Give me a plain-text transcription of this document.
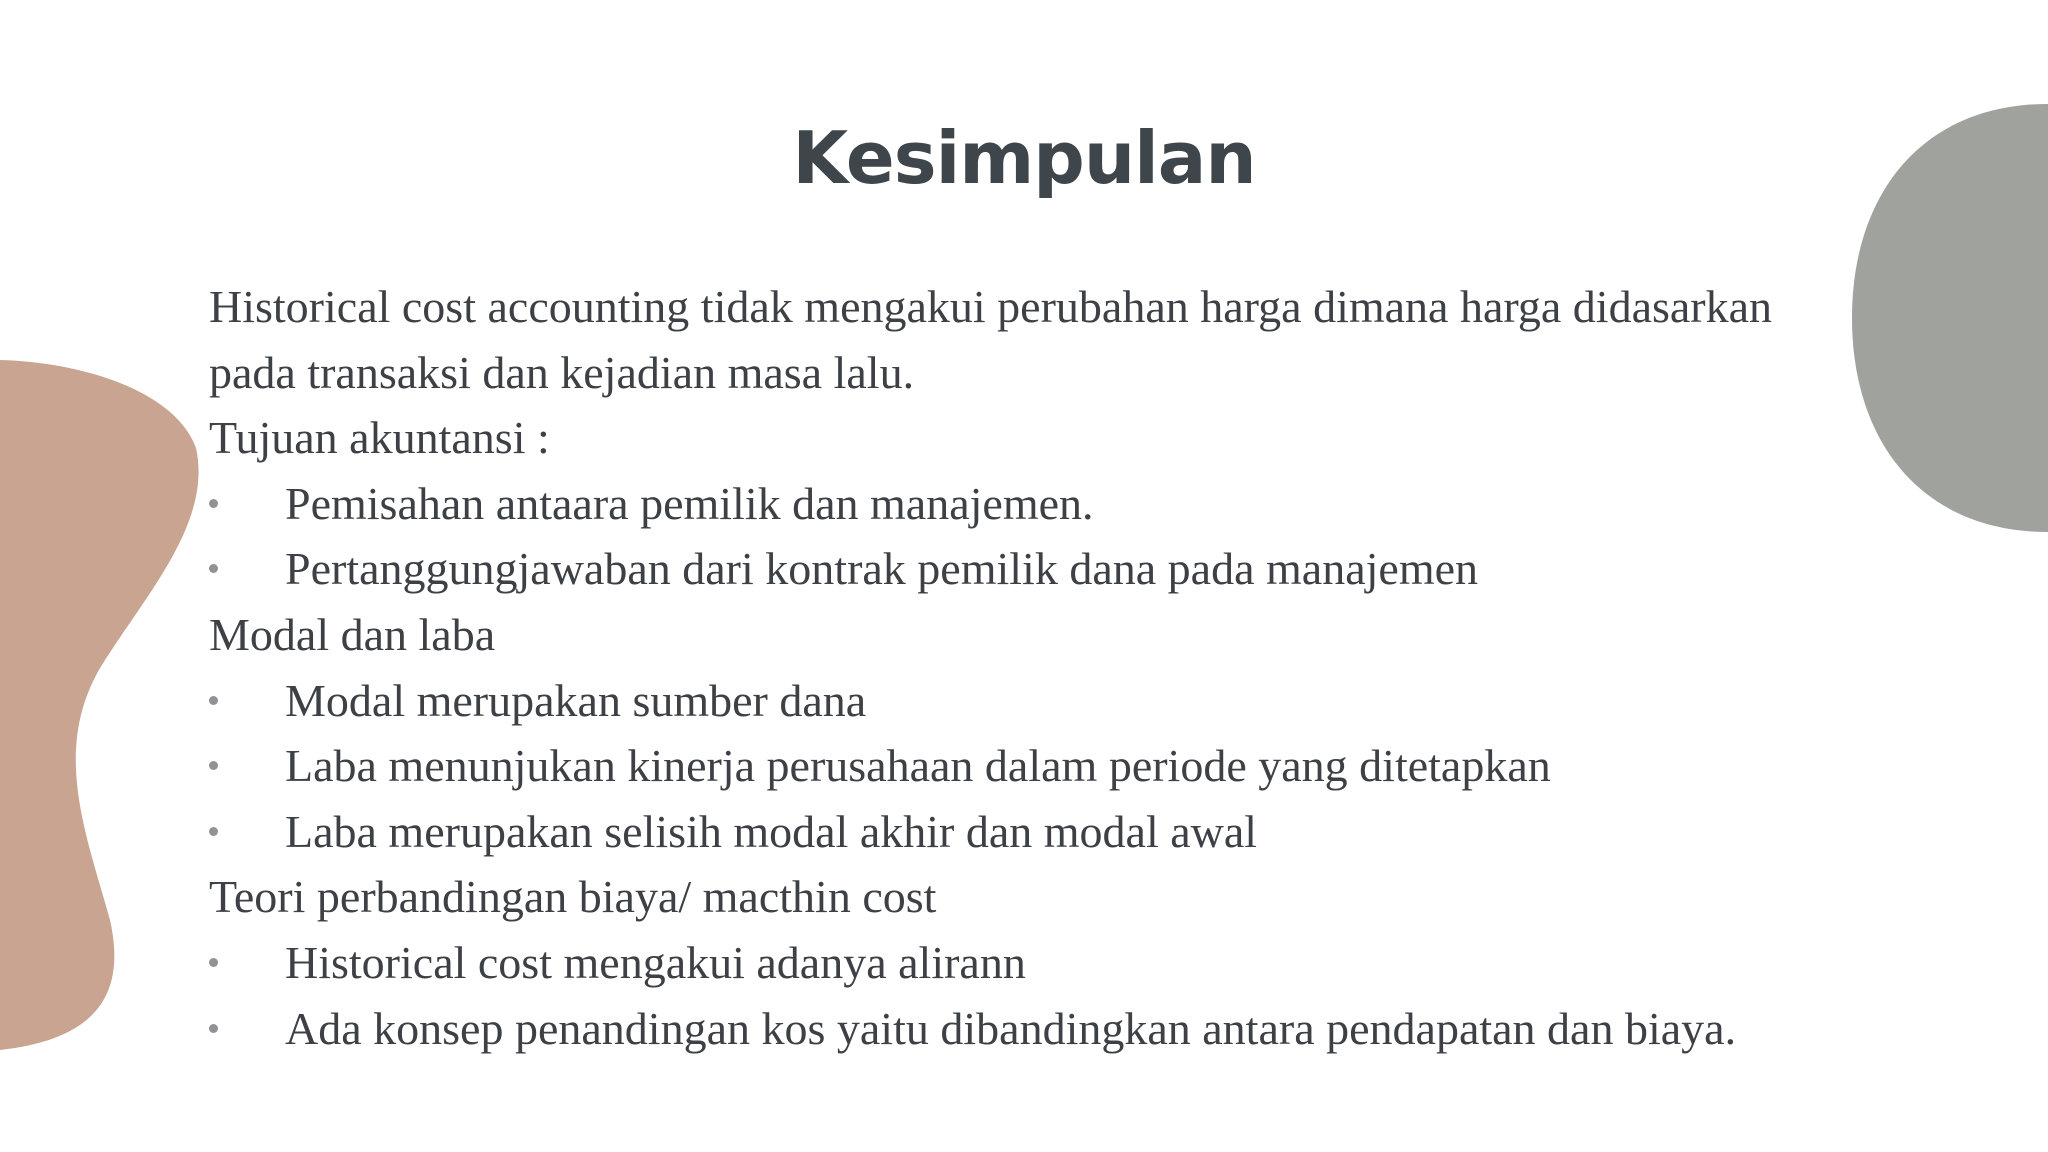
Kesimpulan

Historical cost accounting tidak mengakui perubahan harga dimana harga didasarkan pada transaksi dan kejadian masa lalu.

Tujuan akuntansi :

Pemisahan antaara pemilik dan manajemen.
Pertanggungjawaban dari kontrak pemilik dana pada manajemen

Modal dan laba

Modal merupakan sumber dana
Laba menunjukan kinerja perusahaan dalam periode yang ditetapkan
Laba merupakan selisih modal akhir dan modal awal

Teori perbandingan biaya/ macthin cost

Historical cost mengakui adanya alirann
Ada konsep penandingan kos yaitu dibandingkan antara pendapatan dan biaya.
